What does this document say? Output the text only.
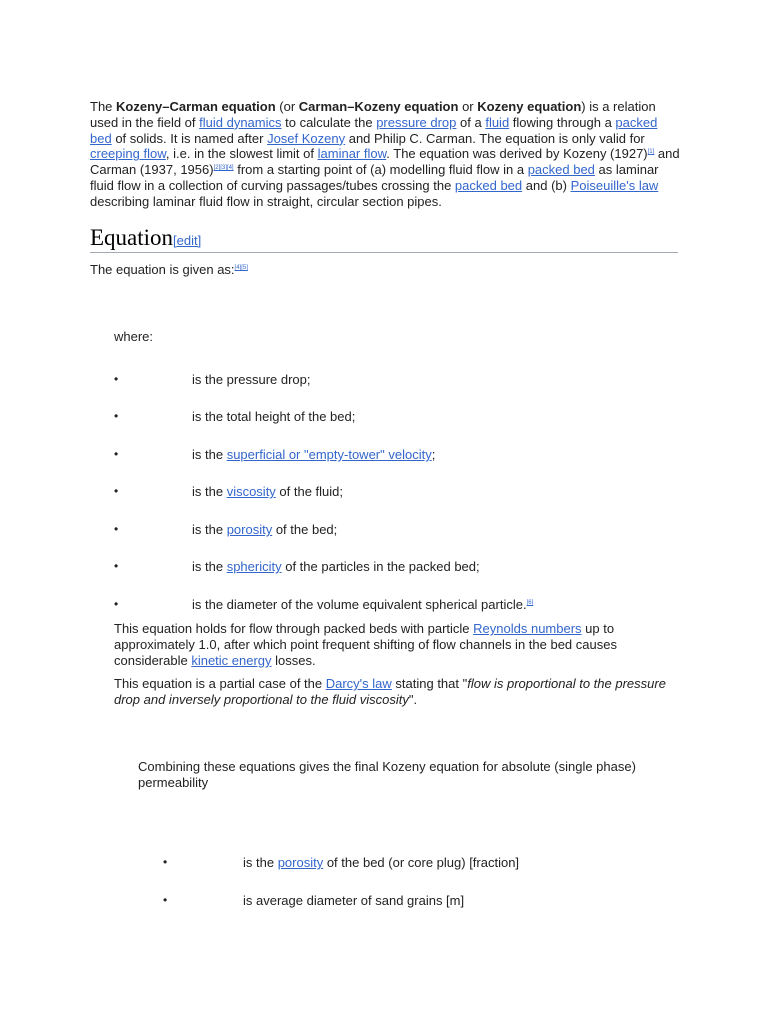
The Kozeny–Carman equation (or Carman–Kozeny equation or Kozeny equation) is a relation used in the field of fluid dynamics to calculate the pressure drop of a fluid flowing through a packed bed of solids. It is named after Josef Kozeny and Philip C. Carman. The equation is only valid for creeping flow, i.e. in the slowest limit of laminar flow. The equation was derived by Kozeny (1927)[1] and Carman (1937, 1956)[2][3][4] from a starting point of (a) modelling fluid flow in a packed bed as laminar fluid flow in a collection of curving passages/tubes crossing the packed bed and (b) Poiseuille's law describing laminar fluid flow in straight, circular section pipes.

Equation[edit]

The equation is given as:[4][5]

where:

•	is the pressure drop;
•	is the total height of the bed;
•	is the superficial or "empty-tower" velocity;
•	is the viscosity of the fluid;
•	is the porosity of the bed;
•	is the sphericity of the particles in the packed bed;
•	is the diameter of the volume equivalent spherical particle.[6]

This equation holds for flow through packed beds with particle Reynolds numbers up to approximately 1.0, after which point frequent shifting of flow channels in the bed causes considerable kinetic energy losses.

This equation is a partial case of the Darcy's law stating that "flow is proportional to the pressure drop and inversely proportional to the fluid viscosity".

Combining these equations gives the final Kozeny equation for absolute (single phase) permeability

•	is the porosity of the bed (or core plug) [fraction]
•	is average diameter of sand grains [m]
